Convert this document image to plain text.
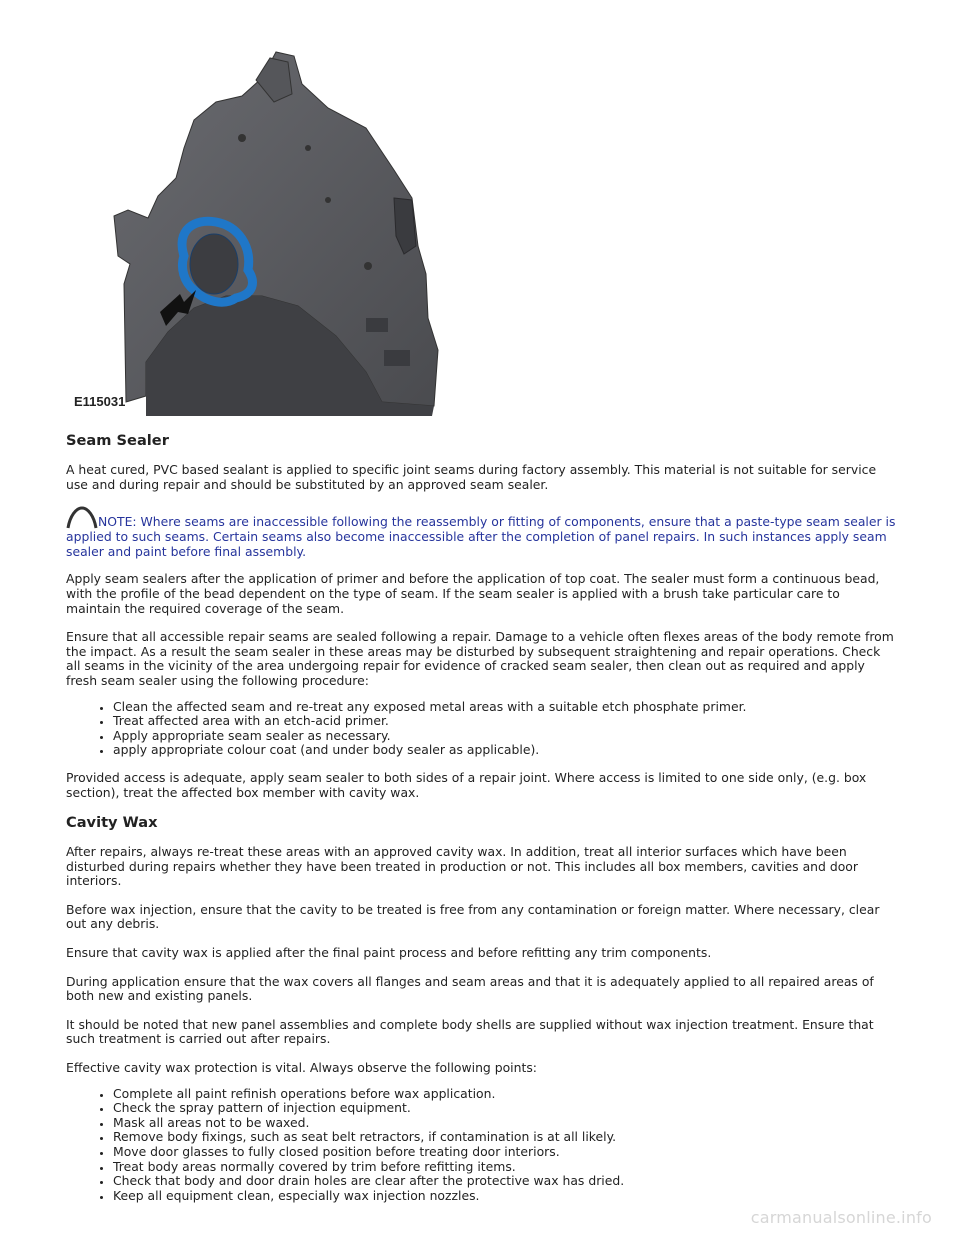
E115031
Seam Sealer

A heat cured, PVC based sealant is applied to specific joint seams during factory assembly. This material is not suitable for service use and during repair and should be substituted by an approved seam sealer.

NOTE: Where seams are inaccessible following the reassembly or fitting of components, ensure that a paste-type seam sealer is applied to such seams. Certain seams also become inaccessible after the completion of panel repairs. In such instances apply seam sealer and paint before final assembly.

Apply seam sealers after the application of primer and before the application of top coat. The sealer must form a continuous bead, with the profile of the bead dependent on the type of seam. If the seam sealer is applied with a brush take particular care to maintain the required coverage of the seam.

Ensure that all accessible repair seams are sealed following a repair. Damage to a vehicle often flexes areas of the body remote from the impact. As a result the seam sealer in these areas may be disturbed by subsequent straightening and repair operations. Check all seams in the vicinity of the area undergoing repair for evidence of cracked seam sealer, then clean out as required and apply fresh seam sealer using the following procedure:

• Clean the affected seam and re-treat any exposed metal areas with a suitable etch phosphate primer.
• Treat affected area with an etch-acid primer.
• Apply appropriate seam sealer as necessary.
• apply appropriate colour coat (and under body sealer as applicable).

Provided access is adequate, apply seam sealer to both sides of a repair joint. Where access is limited to one side only, (e.g. box section), treat the affected box member with cavity wax.

Cavity Wax

After repairs, always re-treat these areas with an approved cavity wax. In addition, treat all interior surfaces which have been disturbed during repairs whether they have been treated in production or not. This includes all box members, cavities and door interiors.

Before wax injection, ensure that the cavity to be treated is free from any contamination or foreign matter. Where necessary, clear out any debris.

Ensure that cavity wax is applied after the final paint process and before refitting any trim components.

During application ensure that the wax covers all flanges and seam areas and that it is adequately applied to all repaired areas of both new and existing panels.

It should be noted that new panel assemblies and complete body shells are supplied without wax injection treatment. Ensure that such treatment is carried out after repairs.

Effective cavity wax protection is vital. Always observe the following points:

• Complete all paint refinish operations before wax application.
• Check the spray pattern of injection equipment.
• Mask all areas not to be waxed.
• Remove body fixings, such as seat belt retractors, if contamination is at all likely.
• Move door glasses to fully closed position before treating door interiors.
• Treat body areas normally covered by trim before refitting items.
• Check that body and door drain holes are clear after the protective wax has dried.
• Keep all equipment clean, especially wax injection nozzles.
carmanualsonline.info
